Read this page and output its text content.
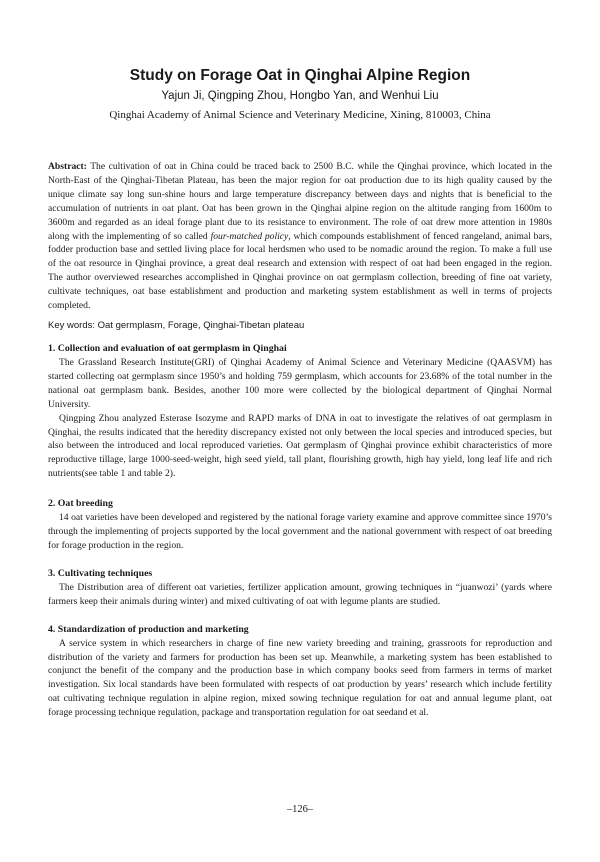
Study on Forage Oat in Qinghai Alpine Region

Yajun Ji, Qingping Zhou, Hongbo Yan, and Wenhui Liu

Qinghai Academy of Animal Science and Veterinary Medicine, Xining, 810003, China

Abstract: The cultivation of oat in China could be traced back to 2500 B.C. while the Qinghai province, which located in the North-East of the Qinghai-Tibetan Plateau, has been the major region for oat production due to its high quality caused by the unique climate say long sun-shine hours and large temperature discrepancy between days and nights that is beneficial to the accumulation of nutrients in oat plant. Oat has been grown in the Qinghai alpine region on the altitude ranging from 1600m to 3600m and regarded as an ideal forage plant due to its resistance to environment. The role of oat drew more attention in 1980s along with the implementing of so called four-matched policy, which compounds establishment of fenced rangeland, animal bars, fodder production base and settled living place for local herdsmen who used to be nomadic around the region. To make a full use of the oat resource in Qinghai province, a great deal research and extension with respect of oat had been engaged in the region. The author overviewed researches accomplished in Qinghai province on oat germplasm collection, breeding of fine oat variety, cultivate techniques, oat base establishment and production and marketing system establishment as well in terms of projects completed.

Key words: Oat germplasm, Forage, Qinghai-Tibetan plateau

1. Collection and evaluation of oat germplasm in Qinghai

The Grassland Research Institute(GRI) of Qinghai Academy of Animal Science and Veterinary Medicine (QAASVM) has started collecting oat germplasm since 1950’s and holding 759 germplasm, which accounts for 23.68% of the total number in the national oat germplasm bank. Besides, another 100 more were collected by the biological department of Qinghai Normal University.

Qingping Zhou analyzed Esterase Isozyme and RAPD marks of DNA in oat to investigate the relatives of oat germplasm in Qinghai, the results indicated that the heredity discrepancy existed not only between the local species and introduced species, but also between the introduced and local reproduced varieties. Oat germplasm of Qinghai province exhibit characteristics of more reproductive tillage, large 1000-seed-weight, high seed yield, tall plant, flourishing growth, high hay yield, long leaf life and rich nutrients(see table 1 and table 2).

2. Oat breeding

14 oat varieties have been developed and registered by the national forage variety examine and approve committee since 1970’s through the implementing of projects supported by the local government and the national government with respect of oat breeding for forage production in the region.

3. Cultivating techniques

The Distribution area of different oat varieties, fertilizer application amount, growing techniques in “juanwozi’ (yards where farmers keep their animals during winter) and mixed cultivating of oat with legume plants are studied.

4. Standardization of production and marketing

A service system in which researchers in charge of fine new variety breeding and training, grassroots for reproduction and distribution of the variety and farmers for production has been set up. Meanwhile, a marketing system has been established to conjunct the benefit of the company and the production base in which company books seed from farmers in terms of market investigation. Six local standards have been formulated with respects of oat production by years’ research which include fertility oat cultivating technique regulation in alpine region, mixed sowing technique regulation for oat and annual legume plant, oat forage processing technique regulation, package and transportation regulation for oat seedand et al.

–126–
